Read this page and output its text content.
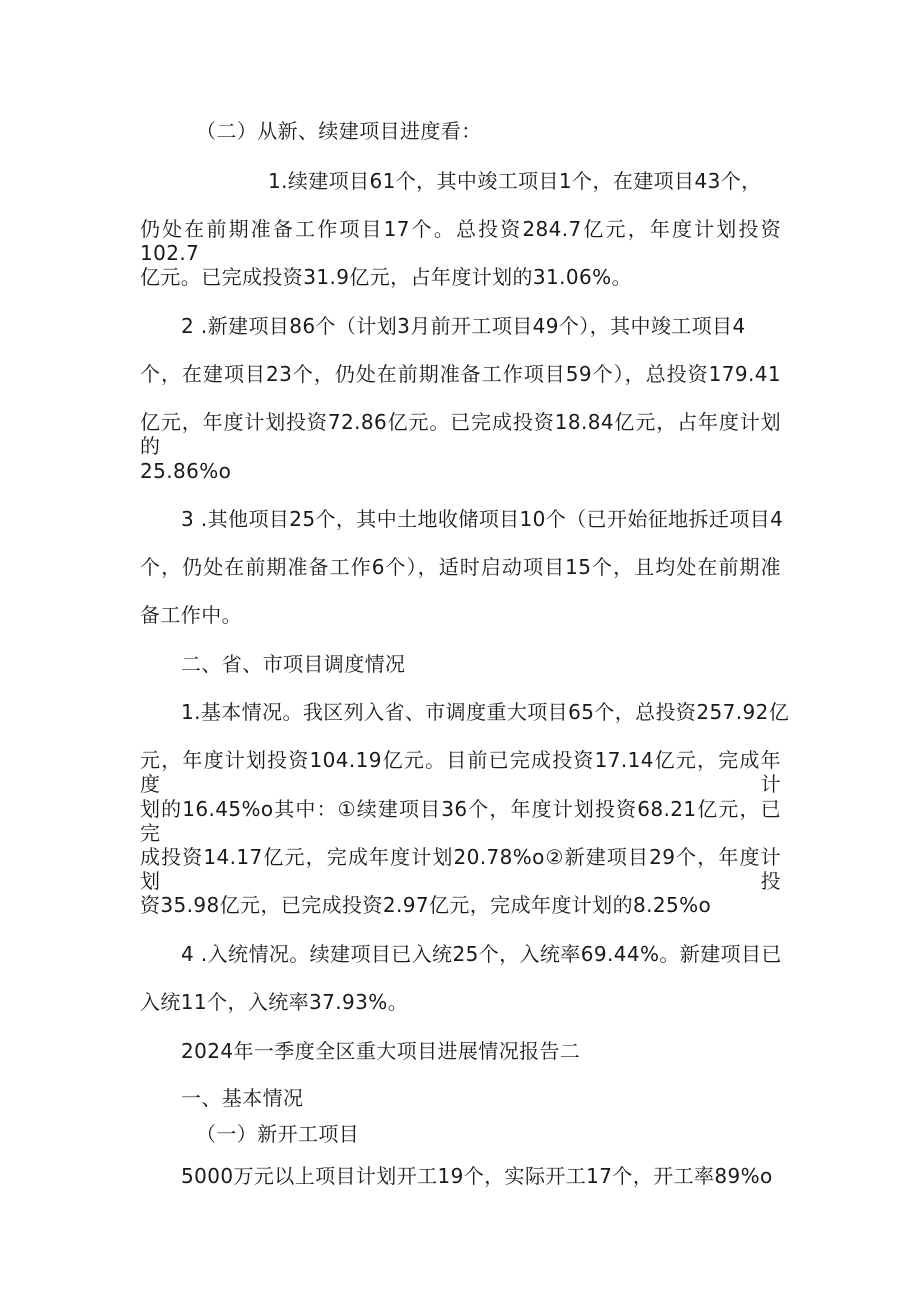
（二）从新、续建项目进度看：
1.续建项目61个，其中竣工项目1个，在建项目43个，
仍处在前期准备工作项目17个。总投资284.7亿元，年度计划投资102.7
亿元。已完成投资31.9亿元，占年度计划的31.06%。
2 .新建项目86个（计划3月前开工项目49个），其中竣工项目4
个，在建项目23个，仍处在前期准备工作项目59个），总投资179.41
亿元，年度计划投资72.86亿元。已完成投资18.84亿元，占年度计划的
25.86%o
3 .其他项目25个，其中土地收储项目10个（已开始征地拆迁项目4
个，仍处在前期准备工作6个），适时启动项目15个，且均处在前期准
备工作中。
二、省、市项目调度情况
1.基本情况。我区列入省、市调度重大项目65个，总投资257.92亿
元，年度计划投资104.19亿元。目前已完成投资17.14亿元，完成年度计
划的16.45%o其中：①续建项目36个，年度计划投资68.21亿元，已完
成投资14.17亿元，完成年度计划20.78%o②新建项目29个，年度计划投
资35.98亿元，已完成投资2.97亿元，完成年度计划的8.25%o
4 .入统情况。续建项目已入统25个，入统率69.44%。新建项目已
入统11个，入统率37.93%。
2024年一季度全区重大项目进展情况报告二
一、基本情况
（一）新开工项目
5000万元以上项目计划开工19个，实际开工17个，开工率89%o
